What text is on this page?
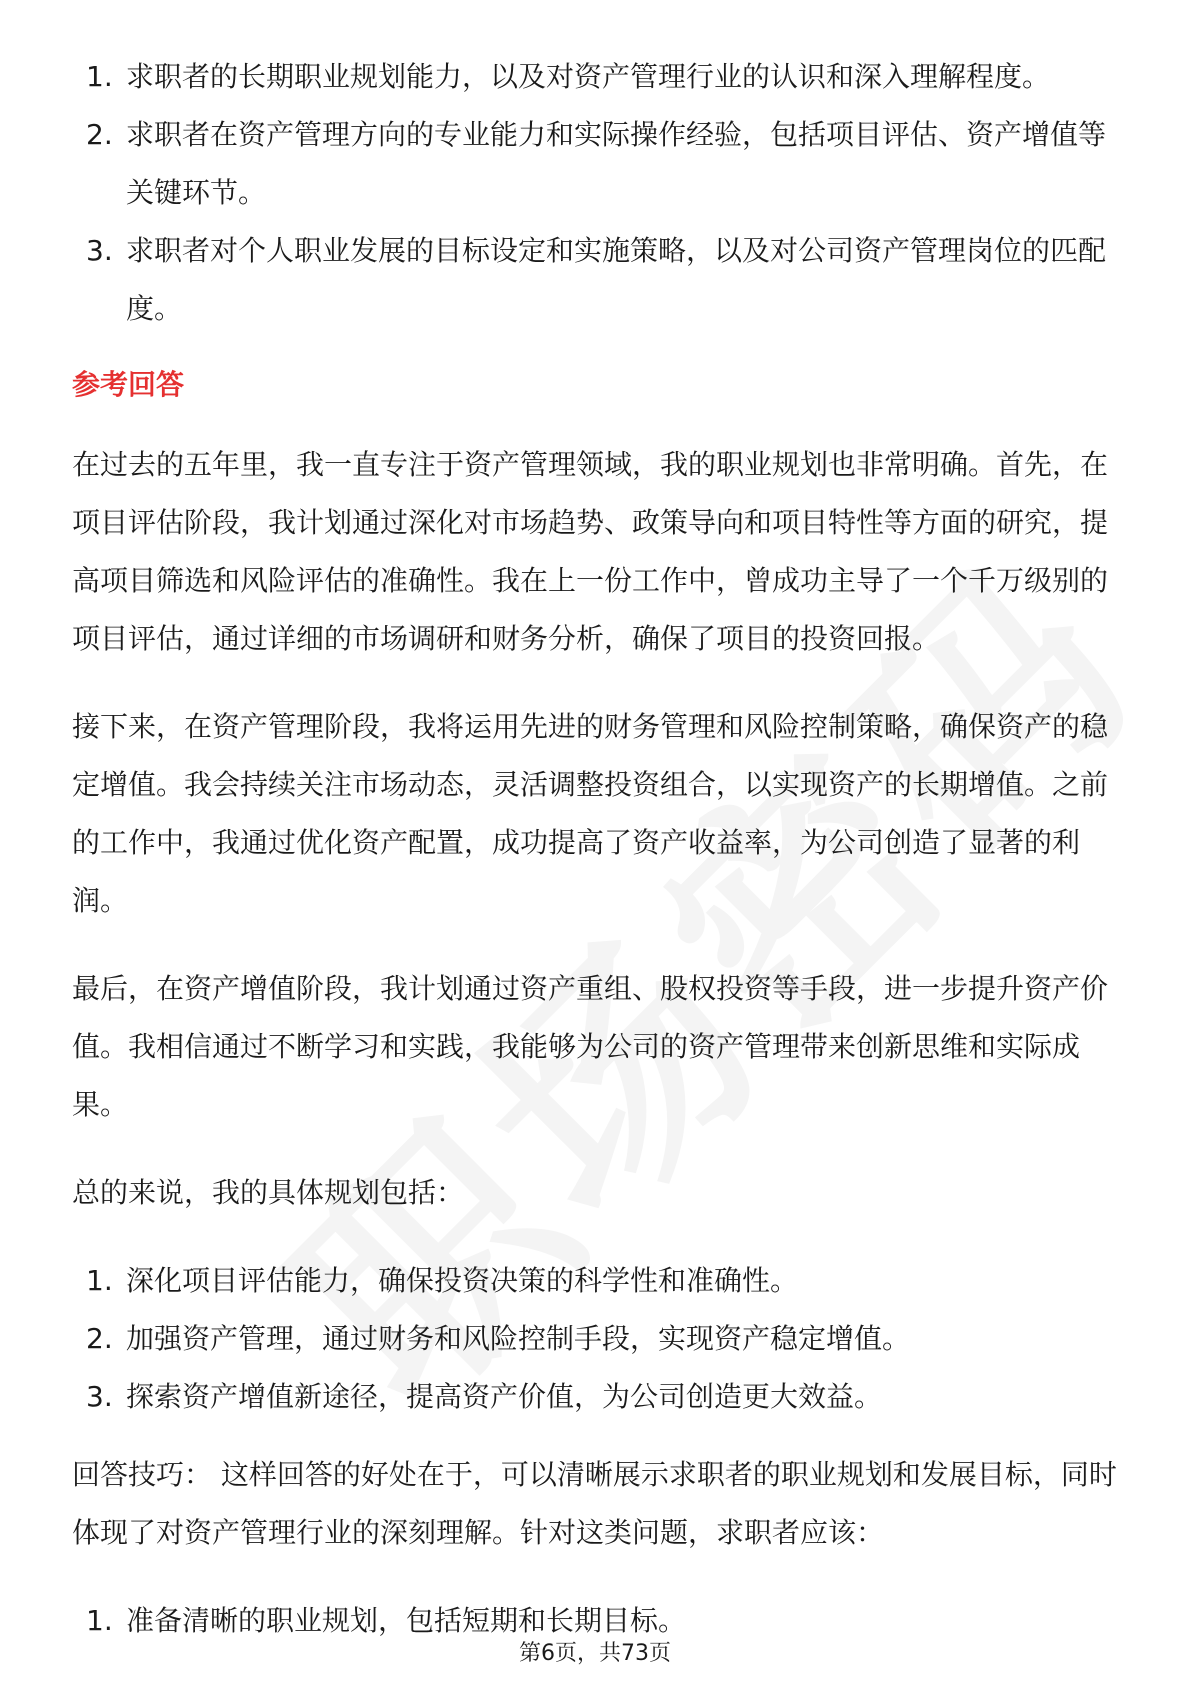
1. 求职者的长期职业规划能力，以及对资产管理行业的认识和深入理解程度。
2. 求职者在资产管理方向的专业能力和实际操作经验，包括项目评估、资产增值等关键环节。
3. 求职者对个人职业发展的目标设定和实施策略，以及对公司资产管理岗位的匹配度。
参考回答

在过去的五年里，我一直专注于资产管理领域，我的职业规划也非常明确。首先，在项目评估阶段，我计划通过深化对市场趋势、政策导向和项目特性等方面的研究，提高项目筛选和风险评估的准确性。我在上一份工作中，曾成功主导了一个千万级别的项目评估，通过详细的市场调研和财务分析，确保了项目的投资回报。

接下来，在资产管理阶段，我将运用先进的财务管理和风险控制策略，确保资产的稳定增值。我会持续关注市场动态，灵活调整投资组合，以实现资产的长期增值。之前的工作中，我通过优化资产配置，成功提高了资产收益率，为公司创造了显著的利润。

最后，在资产增值阶段，我计划通过资产重组、股权投资等手段，进一步提升资产价值。我相信通过不断学习和实践，我能够为公司的资产管理带来创新思维和实际成果。

总的来说，我的具体规划包括：

1. 深化项目评估能力，确保投资决策的科学性和准确性。
2. 加强资产管理，通过财务和风险控制手段，实现资产稳定增值。
3. 探索资产增值新途径，提高资产价值，为公司创造更大效益。

回答技巧： 这样回答的好处在于，可以清晰展示求职者的职业规划和发展目标，同时体现了对资产管理行业的深刻理解。针对这类问题，求职者应该：

1. 准备清晰的职业规划，包括短期和长期目标。
第6页，共73页
